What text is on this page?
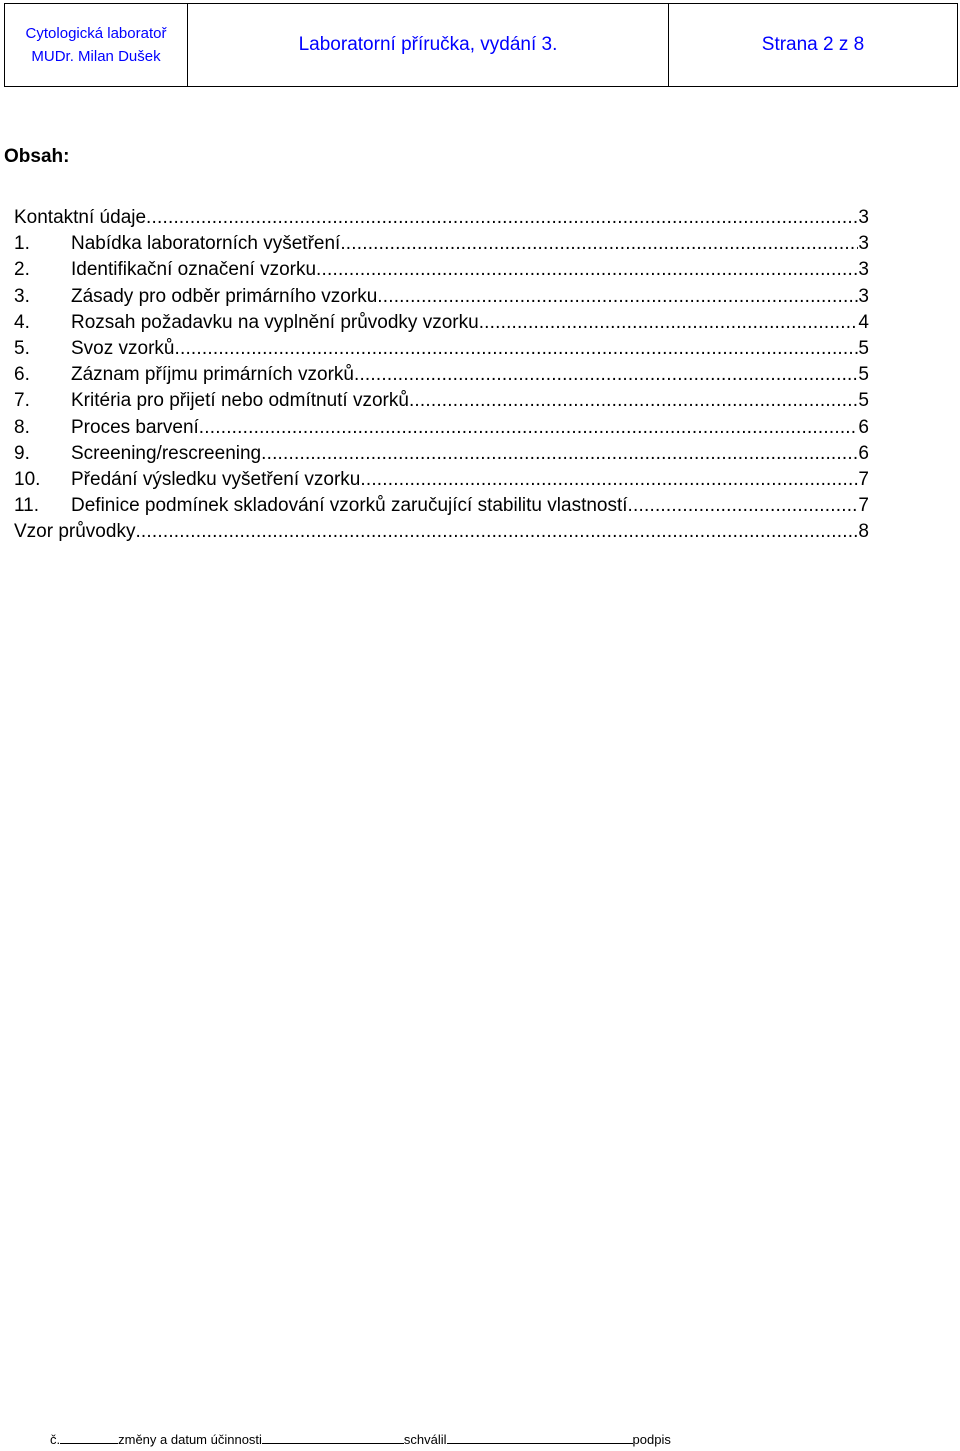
Cytologická laboratoř
MUDr. Milan Dušek
Laboratorní příručka, vydání 3.	Strana 2 z 8
Obsah:
Kontaktní údaje .....	3
1.	Nabídka laboratorních vyšetření .....	3
2.	Identifikační označení vzorku .....	3
3.	Zásady pro odběr primárního vzorku .....	3
4.	Rozsah požadavku na vyplnění průvodky vzorku .....	4
5.	Svoz vzorků .....	5
6.	Záznam příjmu primárních vzorků .....	5
7.	Kritéria pro přijetí nebo odmítnutí vzorků .....	5
8.	Proces barvení .....	6
9.	Screening/rescreening .....	6
10.	Předání výsledku vyšetření vzorku .....	7
11.	Definice podmínek skladování vzorků zaručující stabilitu vlastností .....	7
Vzor průvodky .....	8
č.	změny a datum účinnosti	schválil	podpis
